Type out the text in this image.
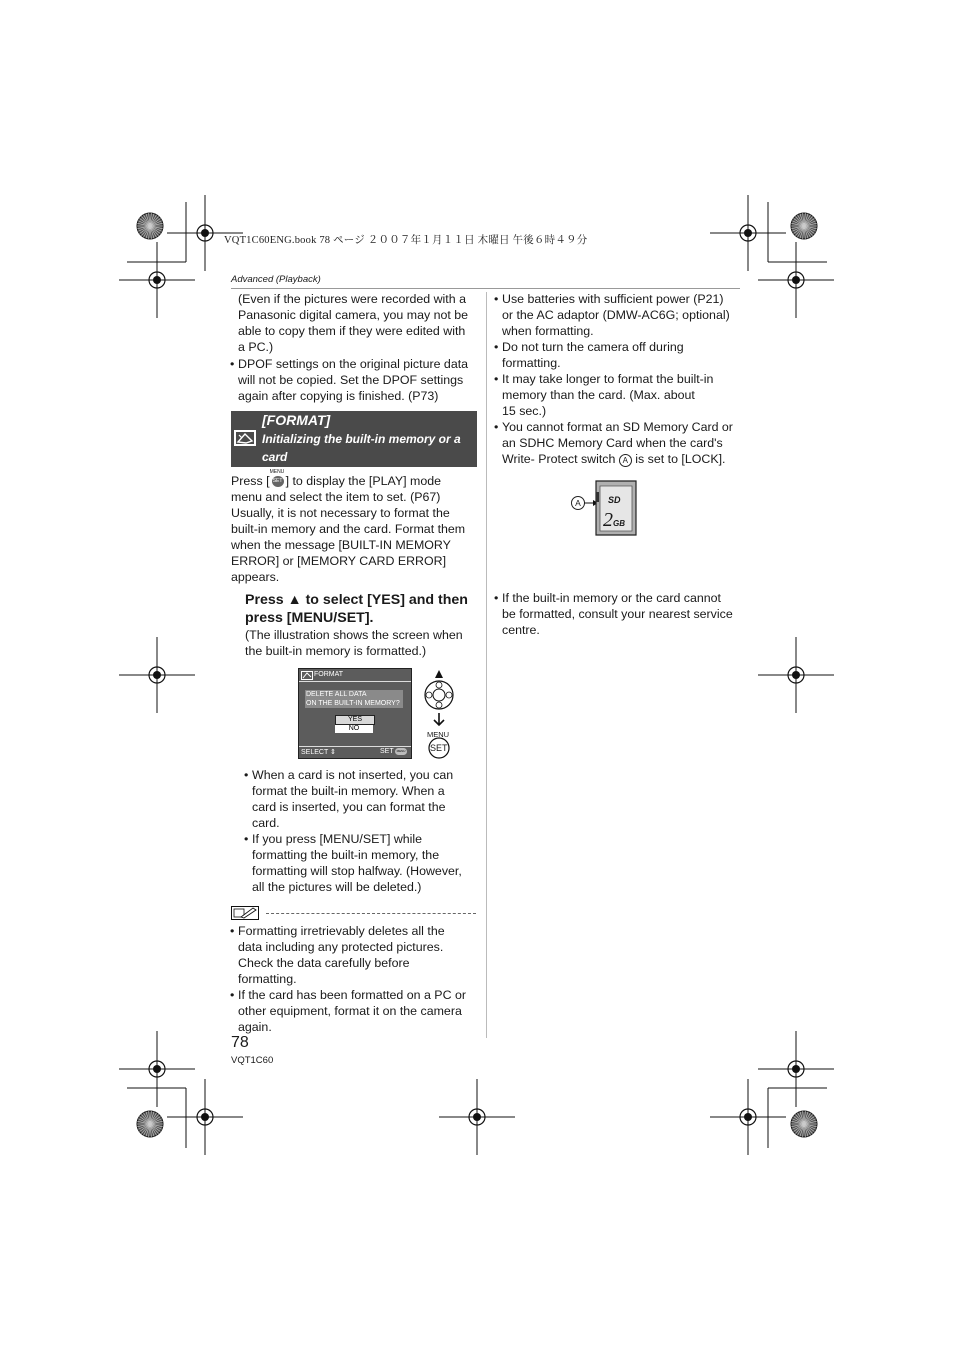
VQT1C60ENG.book 78 ページ ２００７年１月１１日 木曜日 午後６時４９分
Advanced (Playback)
(Even if the pictures were recorded with a
Panasonic digital camera, you may not be
able to copy them if they were edited with
a PC.)
• DPOF settings on the original picture data
will not be copied. Set the DPOF settings
again after copying is finished. (P73)
[FORMAT]
Initializing the built-in memory or a
card
Press [
MENU
SET ] to display the [PLAY] mode
menu and select the item to set. (P67)
Usually, it is not necessary to format the
built-in memory and the card. Format them
when the message [BUILT-IN MEMORY
ERROR] or [MEMORY CARD ERROR]
appears.
Press ▲ to select [YES] and then
press [MENU/SET].
(The illustration shows the screen when
the built-in memory is formatted.)
FORMAT
DELETE ALL DATA
ON THE BUILT-IN MEMORY?
YES
NO
SELECT ⇕	SET MENU
MENU
SET
• When a card is not inserted, you can
format the built-in memory. When a
card is inserted, you can format the
card.
• If you press [MENU/SET] while
formatting the built-in memory, the
formatting will stop halfway. (However,
all the pictures will be deleted.)
• Formatting irretrievably deletes all the
data including any protected pictures.
Check the data carefully before
formatting.
• If the card has been formatted on a PC or
other equipment, format it on the camera
again.
• Use batteries with sufficient power (P21)
or the AC adaptor (DMW-AC6G; optional)
when formatting.
• Do not turn the camera off during
formatting.
• It may take longer to format the built-in
memory than the card. (Max. about
15 sec.)
• You cannot format an SD Memory Card or
an SDHC Memory Card when the card's
Write- Protect switch A is set to [LOCK].
A	SD
2GB
• If the built-in memory or the card cannot
be formatted, consult your nearest service
centre.
78
VQT1C60
